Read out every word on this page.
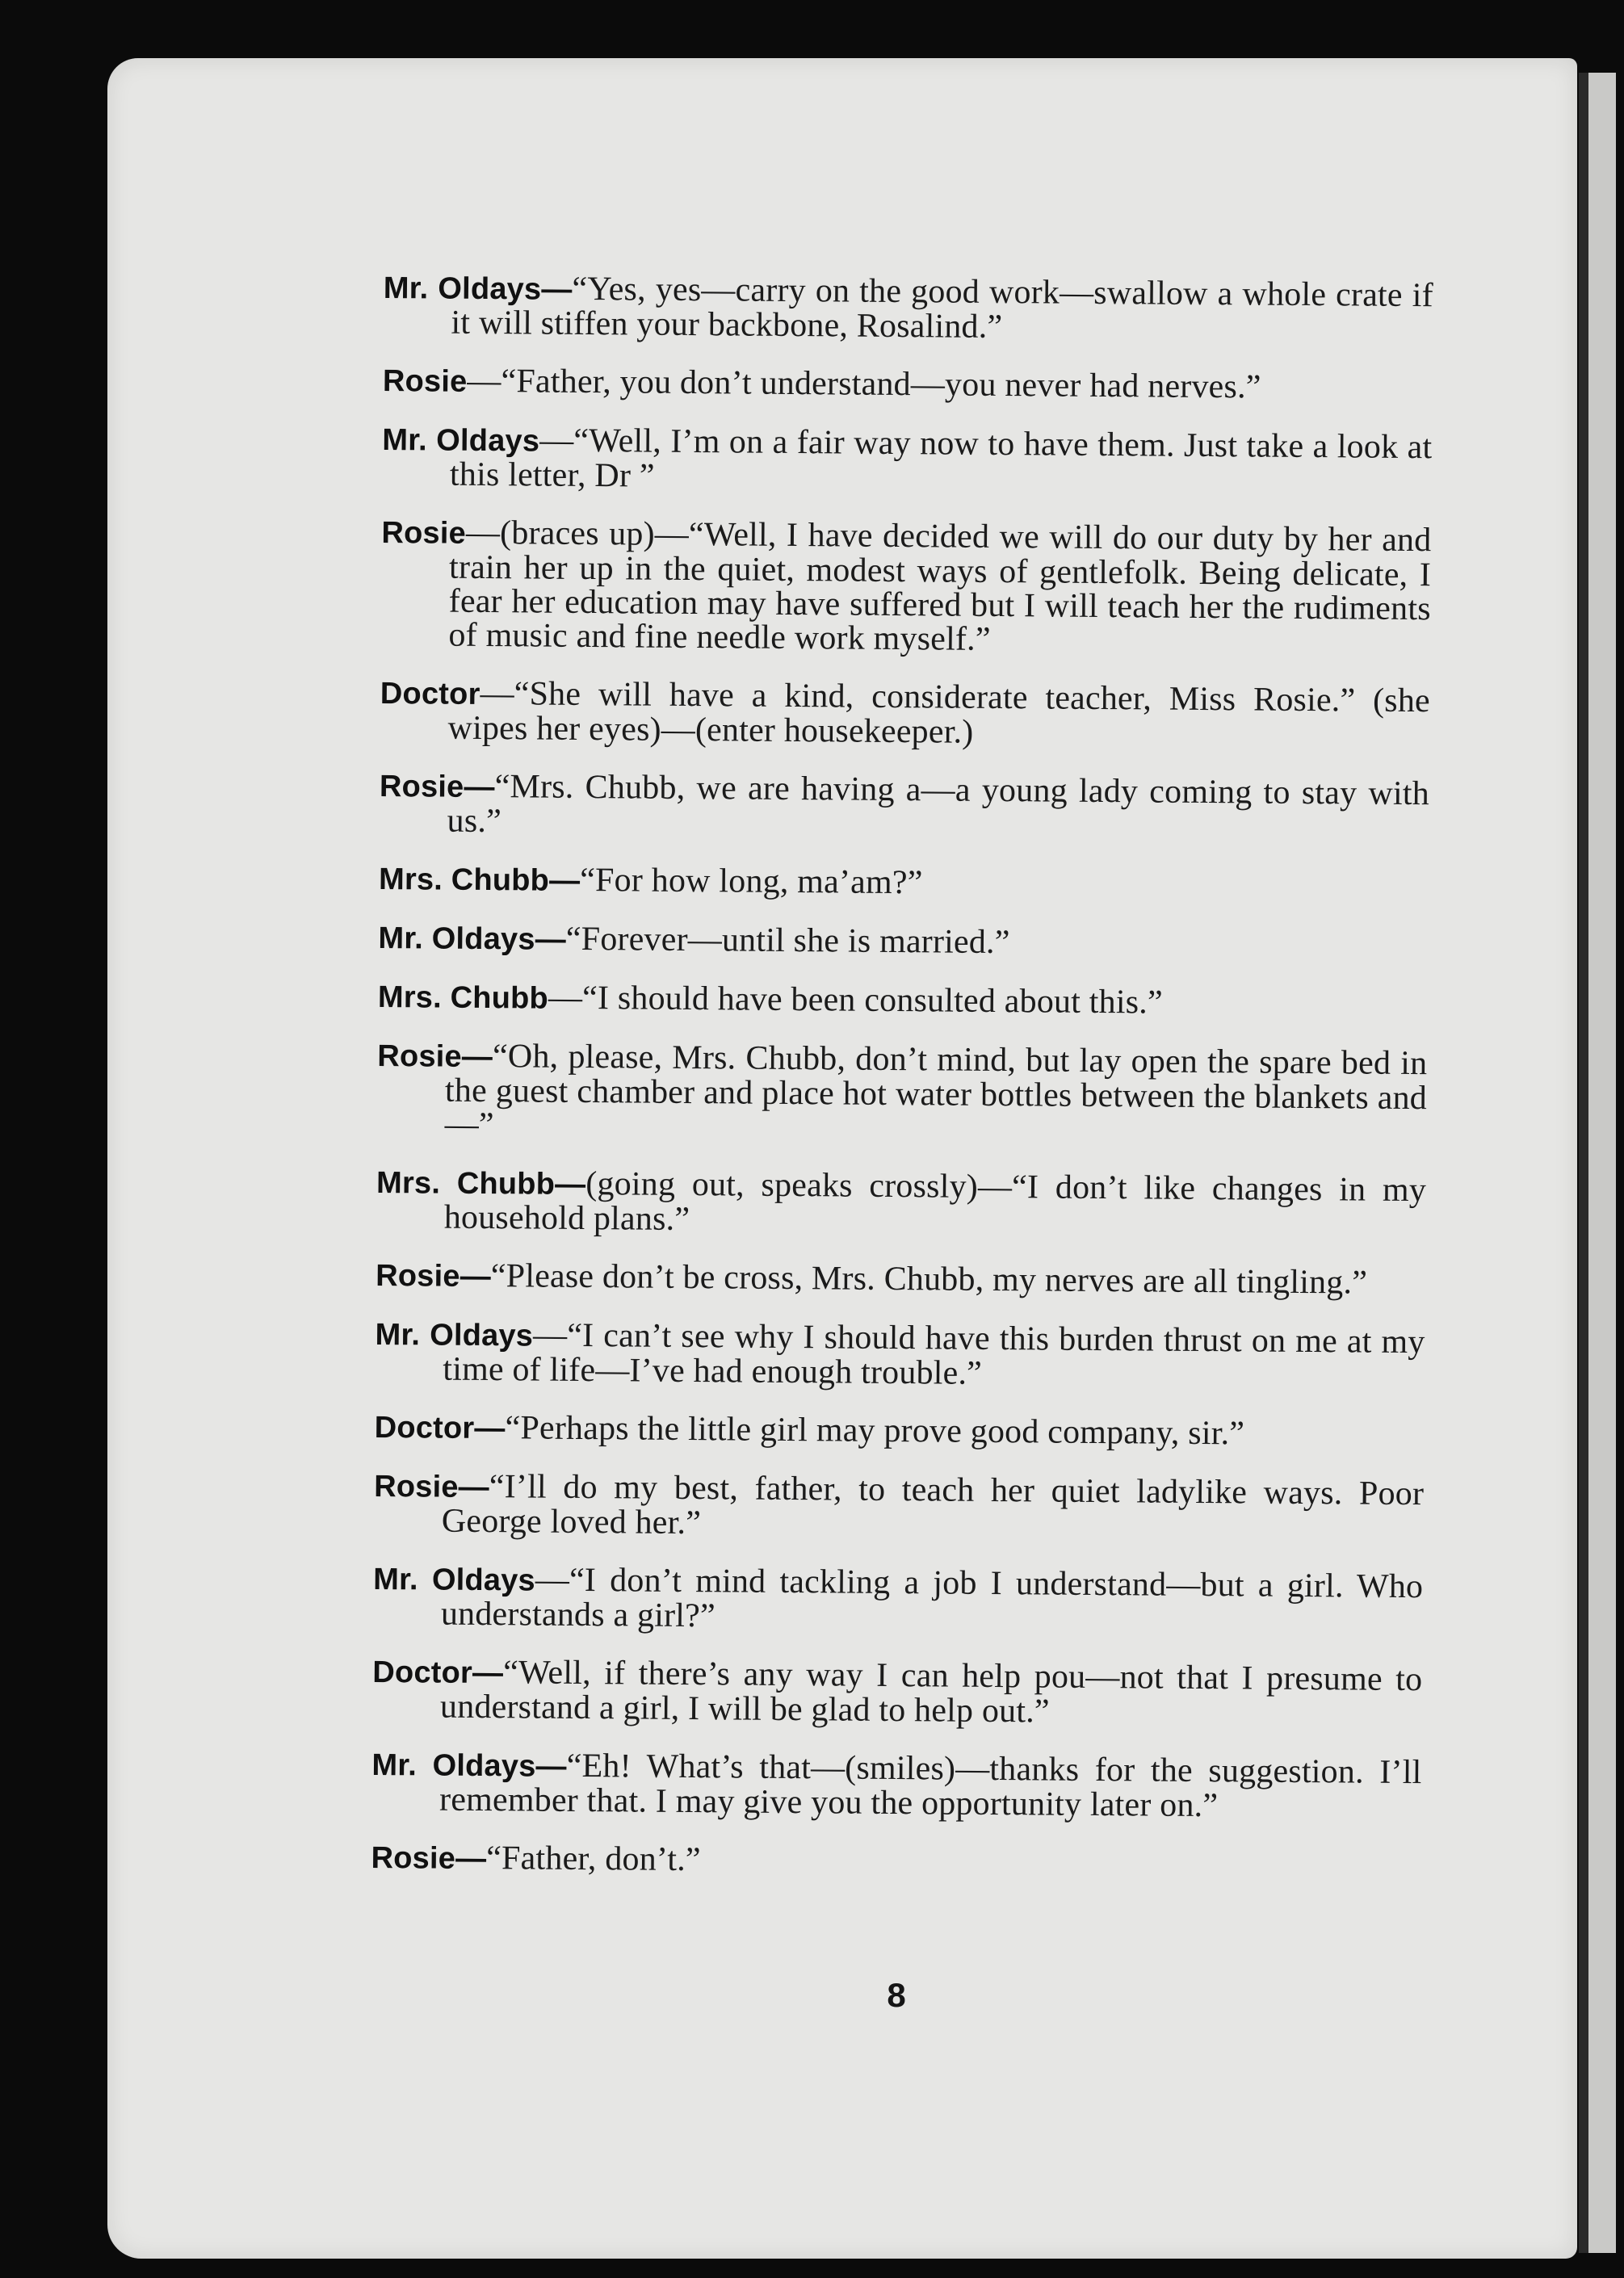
Mr. Oldays—“Yes, yes—carry on the good work—swallow a whole crate if it will stiffen your backbone, Rosalind.”

Rosie—“Father, you don’t understand—you never had nerves.”

Mr. Oldays—“Well, I’m on a fair way now to have them. Just take a look at this letter, Dr ”

Rosie—(braces up)—“Well, I have decided we will do our duty by her and train her up in the quiet, modest ways of gentlefolk. Being delicate, I fear her education may have suffered but I will teach her the rudiments of music and fine needle work myself.”

Doctor—“She will have a kind, considerate teacher, Miss Rosie.” (she wipes her eyes)—(enter housekeeper.)

Rosie—“Mrs. Chubb, we are having a—a young lady coming to stay with us.”

Mrs. Chubb—“For how long, ma’am?”

Mr. Oldays—“Forever—until she is married.”

Mrs. Chubb—“I should have been consulted about this.”

Rosie—“Oh, please, Mrs. Chubb, don’t mind, but lay open the spare bed in the guest chamber and place hot water bottles between the blankets and—”

Mrs. Chubb—(going out, speaks crossly)—“I don’t like changes in my household plans.”

Rosie—“Please don’t be cross, Mrs. Chubb, my nerves are all tingling.”

Mr. Oldays—“I can’t see why I should have this burden thrust on me at my time of life—I’ve had enough trouble.”

Doctor—“Perhaps the little girl may prove good company, sir.”

Rosie—“I’ll do my best, father, to teach her quiet ladylike ways. Poor George loved her.”

Mr. Oldays—“I don’t mind tackling a job I understand—but a girl. Who understands a girl?”

Doctor—“Well, if there’s any way I can help pou—not that I presume to understand a girl, I will be glad to help out.”

Mr. Oldays—“Eh! What’s that—(smiles)—thanks for the suggestion. I’ll remember that. I may give you the opportunity later on.”

Rosie—“Father, don’t.”

8
